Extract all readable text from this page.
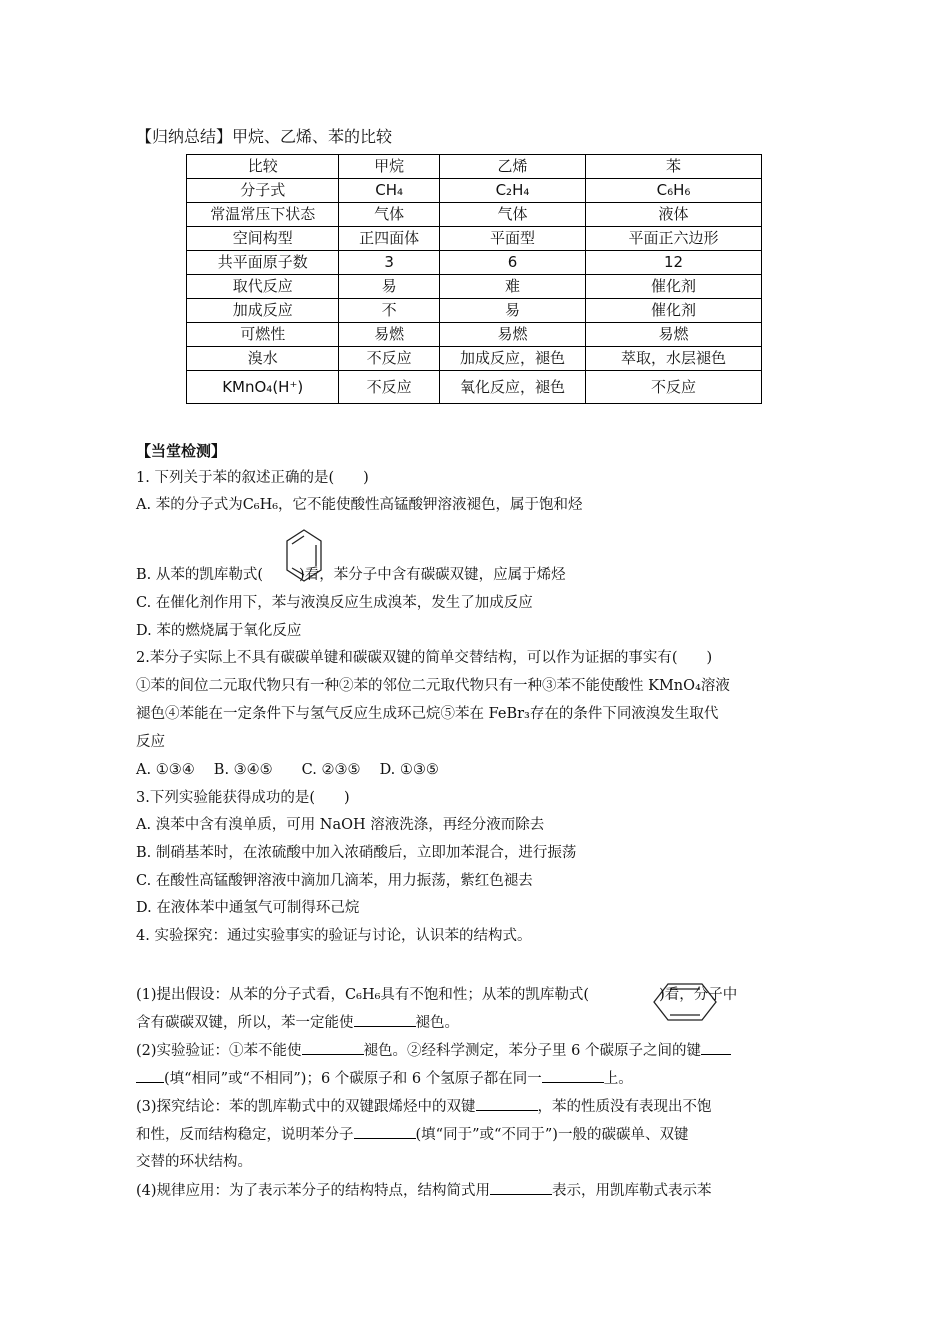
【归纳总结】甲烷、乙烯、苯的比较
比较	甲烷	乙烯	苯
分子式	CH₄	C₂H₄	C₆H₆
常温常压下状态	气体	气体	液体
空间构型	正四面体	平面型	平面正六边形
共平面原子数	3	6	12
取代反应	易	难	催化剂
加成反应	不	易	催化剂
可燃性	易燃	易燃	易燃
溴水	不反应	加成反应，褪色	萃取，水层褪色
KMnO₄(H⁺)	不反应	氧化反应，褪色	不反应
【当堂检测】
1. 下列关于苯的叙述正确的是(　　)
A. 苯的分子式为C₆H₆，它不能使酸性高锰酸钾溶液褪色，属于饱和烃
B. 从苯的凯库勒式( )看，苯分子中含有碳碳双键，应属于烯烃
C. 在催化剂作用下，苯与液溴反应生成溴苯，发生了加成反应
D. 苯的燃烧属于氧化反应
2.苯分子实际上不具有碳碳单键和碳碳双键的简单交替结构，可以作为证据的事实有(　　)
①苯的间位二元取代物只有一种②苯的邻位二元取代物只有一种③苯不能使酸性 KMnO₄溶液
褪色④苯能在一定条件下与氢气反应生成环己烷⑤苯在 FeBr₃存在的条件下同液溴发生取代
反应
A. ①③④　 B. ③④⑤　　C. ②③⑤　 D. ①③⑤
3.下列实验能获得成功的是(　　)
A. 溴苯中含有溴单质，可用 NaOH 溶液洗涤，再经分液而除去
B. 制硝基苯时，在浓硫酸中加入浓硝酸后，立即加苯混合，进行振荡
C. 在酸性高锰酸钾溶液中滴加几滴苯，用力振荡，紫红色褪去
D. 在液体苯中通氢气可制得环己烷
4. 实验探究：通过实验事实的验证与讨论，认识苯的结构式。
(1)提出假设：从苯的分子式看，C₆H₆具有不饱和性；从苯的凯库勒式(	)看，分子中
含有碳碳双键，所以，苯一定能使	褪色。
(2)实验验证：①苯不能使	褪色。②经科学测定，苯分子里 6 个碳原子之间的键
(填“相同”或“不相同”)；6 个碳原子和 6 个氢原子都在同一	上。
(3)探究结论：苯的凯库勒式中的双键跟烯烃中的双键	，苯的性质没有表现出不饱
和性，反而结构稳定，说明苯分子	(填“同于”或“不同于”)一般的碳碳单、双键
交替的环状结构。
(4)规律应用：为了表示苯分子的结构特点，结构简式用	表示，用凯库勒式表示苯
